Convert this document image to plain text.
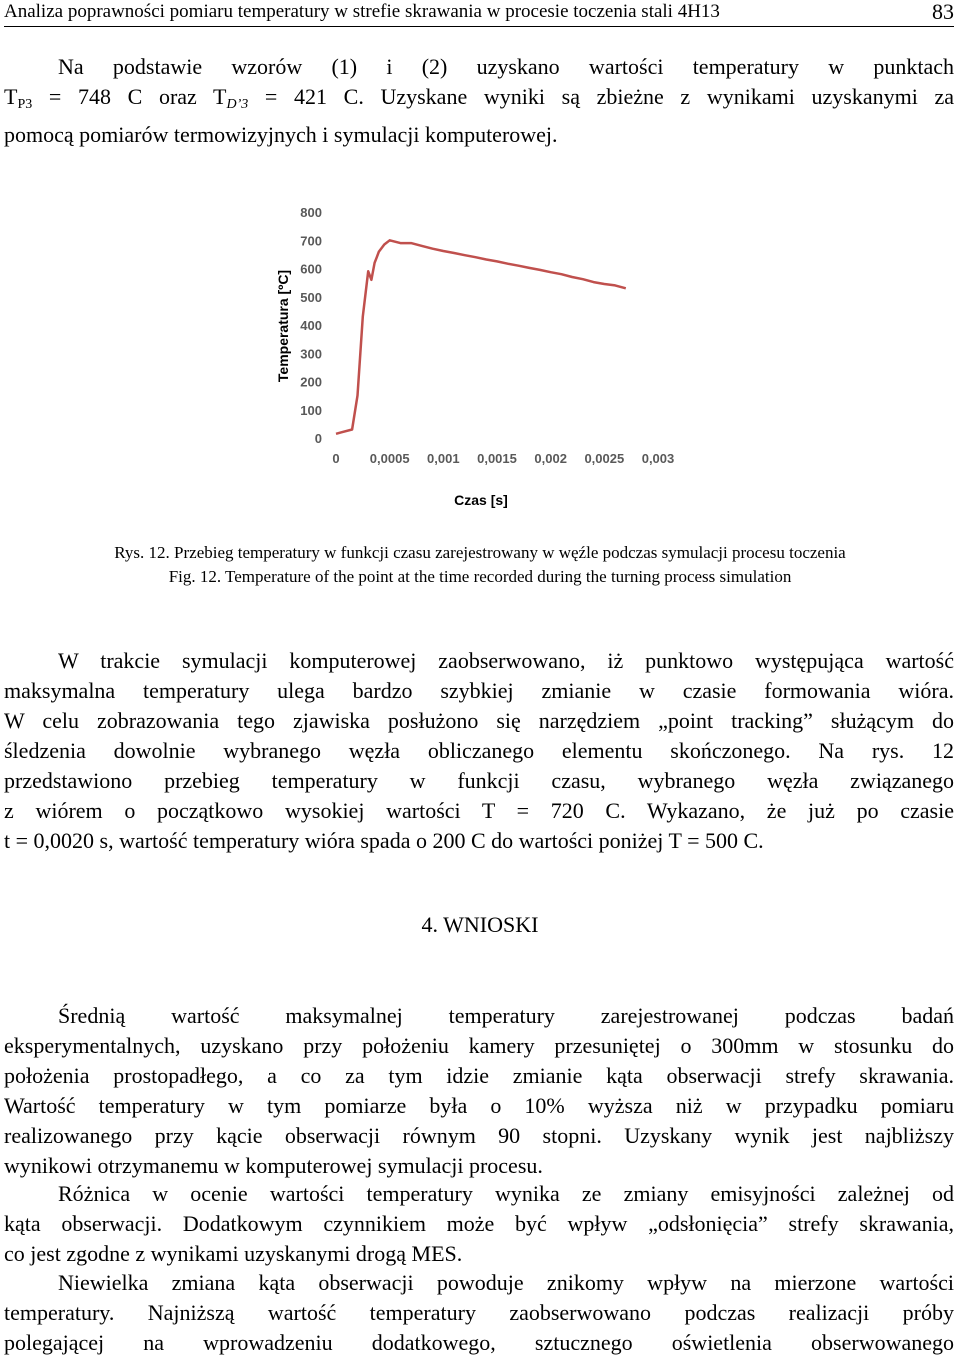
Analiza poprawności pomiaru temperatury w strefie skrawania w procesie toczenia stali 4H13	83
Na podstawie wzorów (1) i (2) uzyskano wartości temperatury w punktach
$T_{P3} = 748$ C oraz $T_{D’3} = 421$ C. Uzyskane wyniki są zbieżne z wynikami uzyskanymi za
pomocą pomiarów termowizyjnych i symulacji komputerowej.
0
100
200
300
400
500
600
700
800
0 0,0005 0,001 0,0015 0,002 0,0025 0,003
Temperatura [ºC]
Czas [s]
Rys. 12. Przebieg temperatury w funkcji czasu zarejestrowany w węźle podczas symulacji procesu toczenia
Fig. 12. Temperature of the point at the time recorded during the turning process simulation
W trakcie symulacji komputerowej zaobserwowano, iż punktowo występująca wartość
maksymalna temperatury ulega bardzo szybkiej zmianie w czasie formowania wióra.
W celu zobrazowania tego zjawiska posłużono się narzędziem „point tracking” służącym do
śledzenia dowolnie wybranego węzła obliczanego elementu skończonego. Na rys. 12
przedstawiono przebieg temperatury w funkcji czasu, wybranego węzła związanego
z wiórem o początkowo wysokiej wartości T = 720 C. Wykazano, że już po czasie
t = 0,0020 s, wartość temperatury wióra spada o 200 C do wartości poniżej T = 500 C.
4. WNIOSKI
Średnią wartość maksymalnej temperatury zarejestrowanej podczas badań
eksperymentalnych, uzyskano przy położeniu kamery przesuniętej o 300mm w stosunku do
położenia prostopadłego, a co za tym idzie zmianie kąta obserwacji strefy skrawania.
Wartość temperatury w tym pomiarze była o 10% wyższa niż w przypadku pomiaru
realizowanego przy kącie obserwacji równym 90 stopni. Uzyskany wynik jest najbliższy
wynikowi otrzymanemu w komputerowej symulacji procesu.
Różnica w ocenie wartości temperatury wynika ze zmiany emisyjności zależnej od
kąta obserwacji. Dodatkowym czynnikiem może być wpływ „odsłonięcia” strefy skrawania,
co jest zgodne z wynikami uzyskanymi drogą MES.
Niewielka zmiana kąta obserwacji powoduje znikomy wpływ na mierzone wartości
temperatury. Najniższą wartość temperatury zaobserwowano podczas realizacji próby
polegającej na wprowadzeniu dodatkowego, sztucznego oświetlenia obserwowanego
